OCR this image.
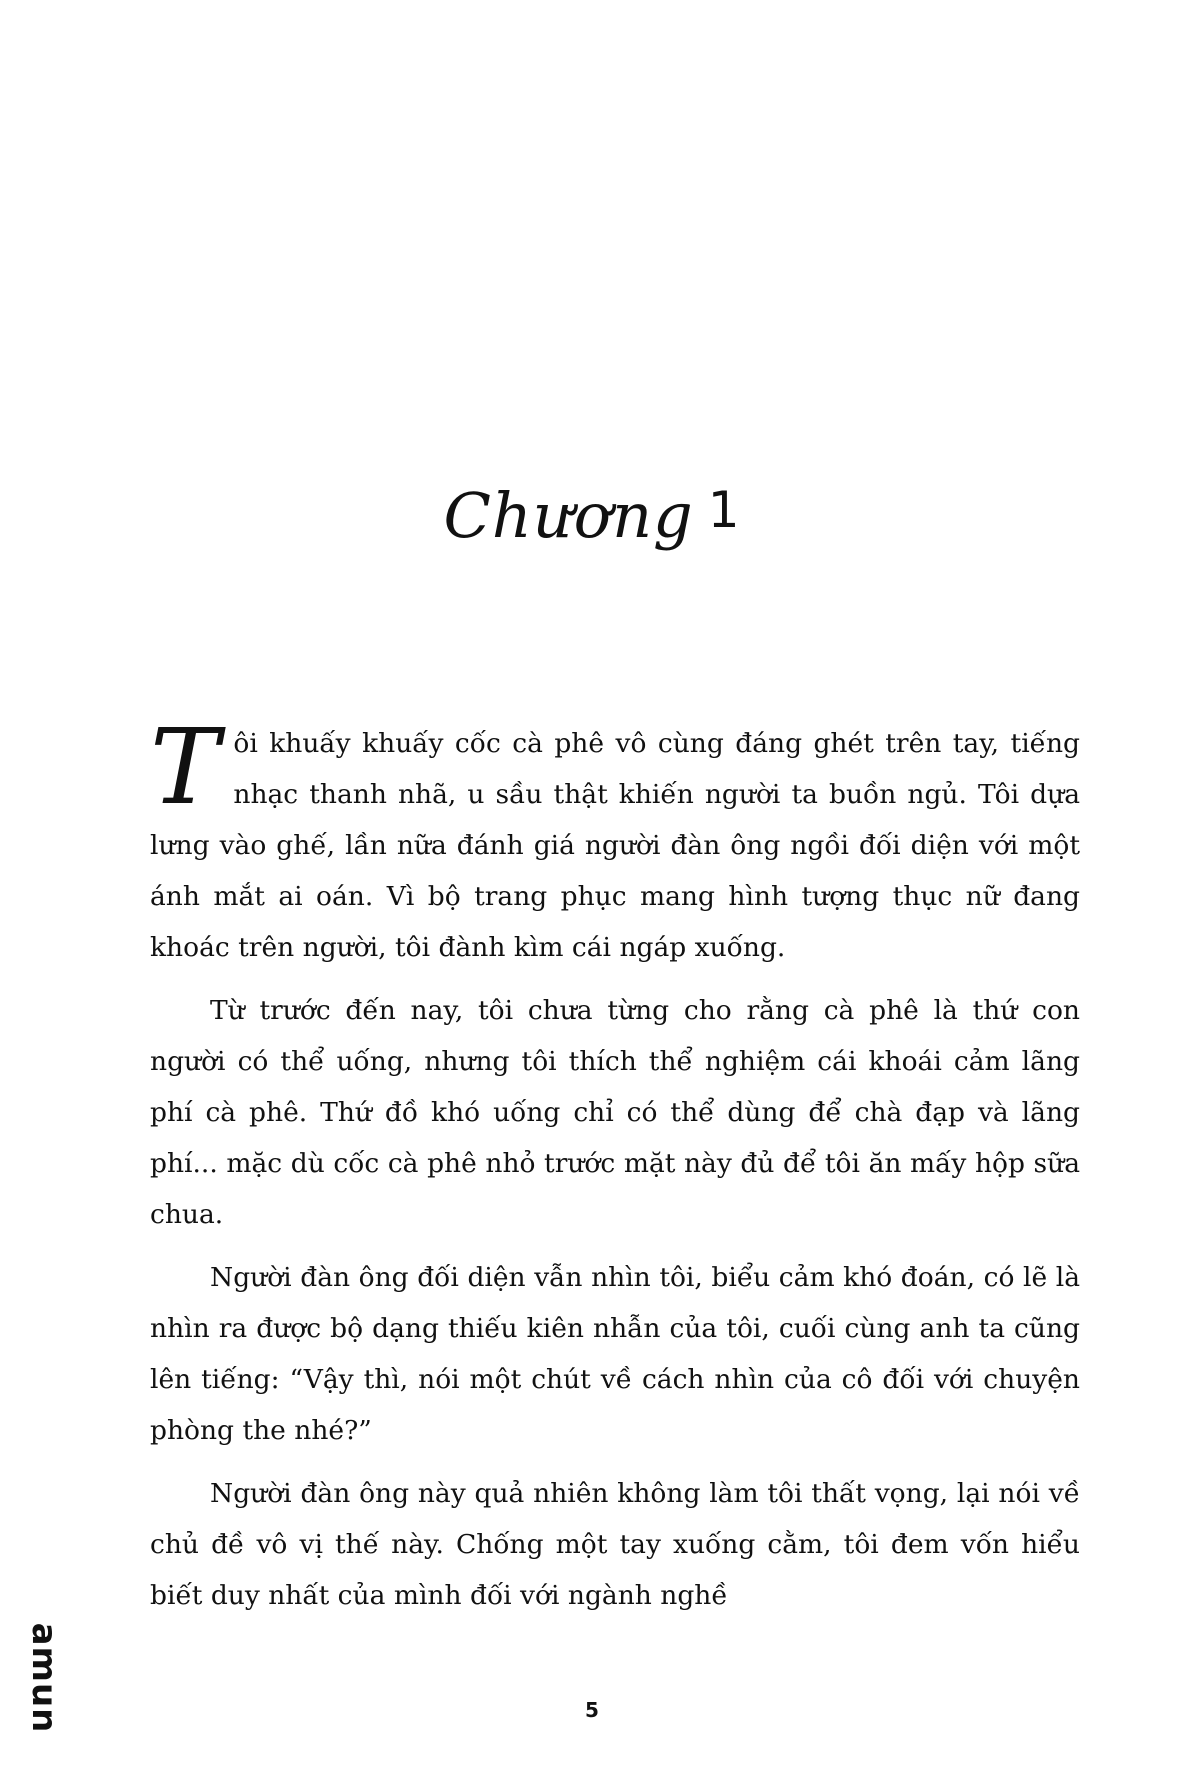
Chương 1

Tôi khuấy khuấy cốc cà phê vô cùng đáng ghét trên tay, tiếng nhạc thanh nhã, u sầu thật khiến người ta buồn ngủ. Tôi dựa lưng vào ghế, lần nữa đánh giá người đàn ông ngồi đối diện với một ánh mắt ai oán. Vì bộ trang phục mang hình tượng thục nữ đang khoác trên người, tôi đành kìm cái ngáp xuống.

Từ trước đến nay, tôi chưa từng cho rằng cà phê là thứ con người có thể uống, nhưng tôi thích thể nghiệm cái khoái cảm lãng phí cà phê. Thứ đồ khó uống chỉ có thể dùng để chà đạp và lãng phí... mặc dù cốc cà phê nhỏ trước mặt này đủ để tôi ăn mấy hộp sữa chua.

Người đàn ông đối diện vẫn nhìn tôi, biểu cảm khó đoán, có lẽ là nhìn ra được bộ dạng thiếu kiên nhẫn của tôi, cuối cùng anh ta cũng lên tiếng: “Vậy thì, nói một chút về cách nhìn của cô đối với chuyện phòng the nhé?”

Người đàn ông này quả nhiên không làm tôi thất vọng, lại nói về chủ đề vô vị thế này. Chống một tay xuống cằm, tôi đem vốn hiểu biết duy nhất của mình đối với ngành nghề

amun	5
